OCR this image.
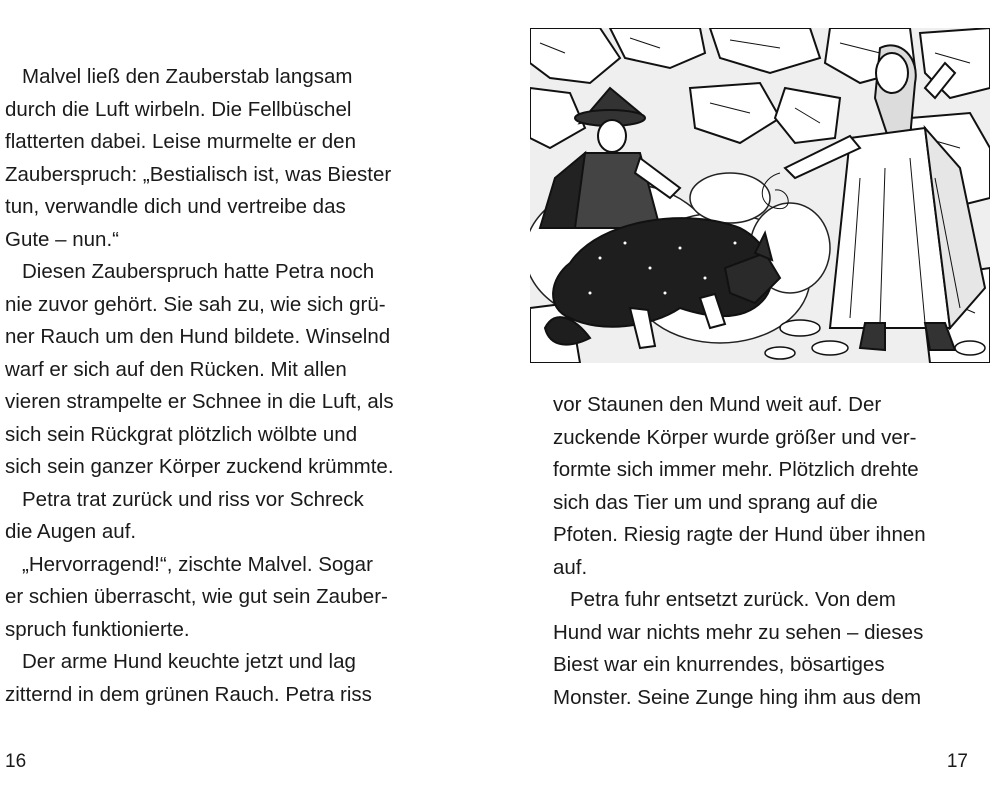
Malvel ließ den Zauberstab langsam
durch die Luft wirbeln. Die Fellbüschel
flatterten dabei. Leise murmelte er den
Zauberspruch: „Bestialisch ist, was Biester
tun, verwandle dich und vertreibe das
Gute – nun.“
Diesen Zauberspruch hatte Petra noch
nie zuvor gehört. Sie sah zu, wie sich grü-
ner Rauch um den Hund bildete. Winselnd
warf er sich auf den Rücken. Mit allen
vieren strampelte er Schnee in die Luft, als
sich sein Rückgrat plötzlich wölbte und
sich sein ganzer Körper zuckend krümmte.
Petra trat zurück und riss vor Schreck
die Augen auf.
„Hervorragend!“, zischte Malvel. Sogar
er schien überrascht, wie gut sein Zauber-
spruch funktionierte.
Der arme Hund keuchte jetzt und lag
zitternd in dem grünen Rauch. Petra riss
16
vor Staunen den Mund weit auf. Der
zuckende Körper wurde größer und ver-
formte sich immer mehr. Plötzlich drehte
sich das Tier um und sprang auf die
Pfoten. Riesig ragte der Hund über ihnen
auf.
Petra fuhr entsetzt zurück. Von dem
Hund war nichts mehr zu sehen – dieses
Biest war ein knurrendes, bösartiges
Monster. Seine Zunge hing ihm aus dem
17
